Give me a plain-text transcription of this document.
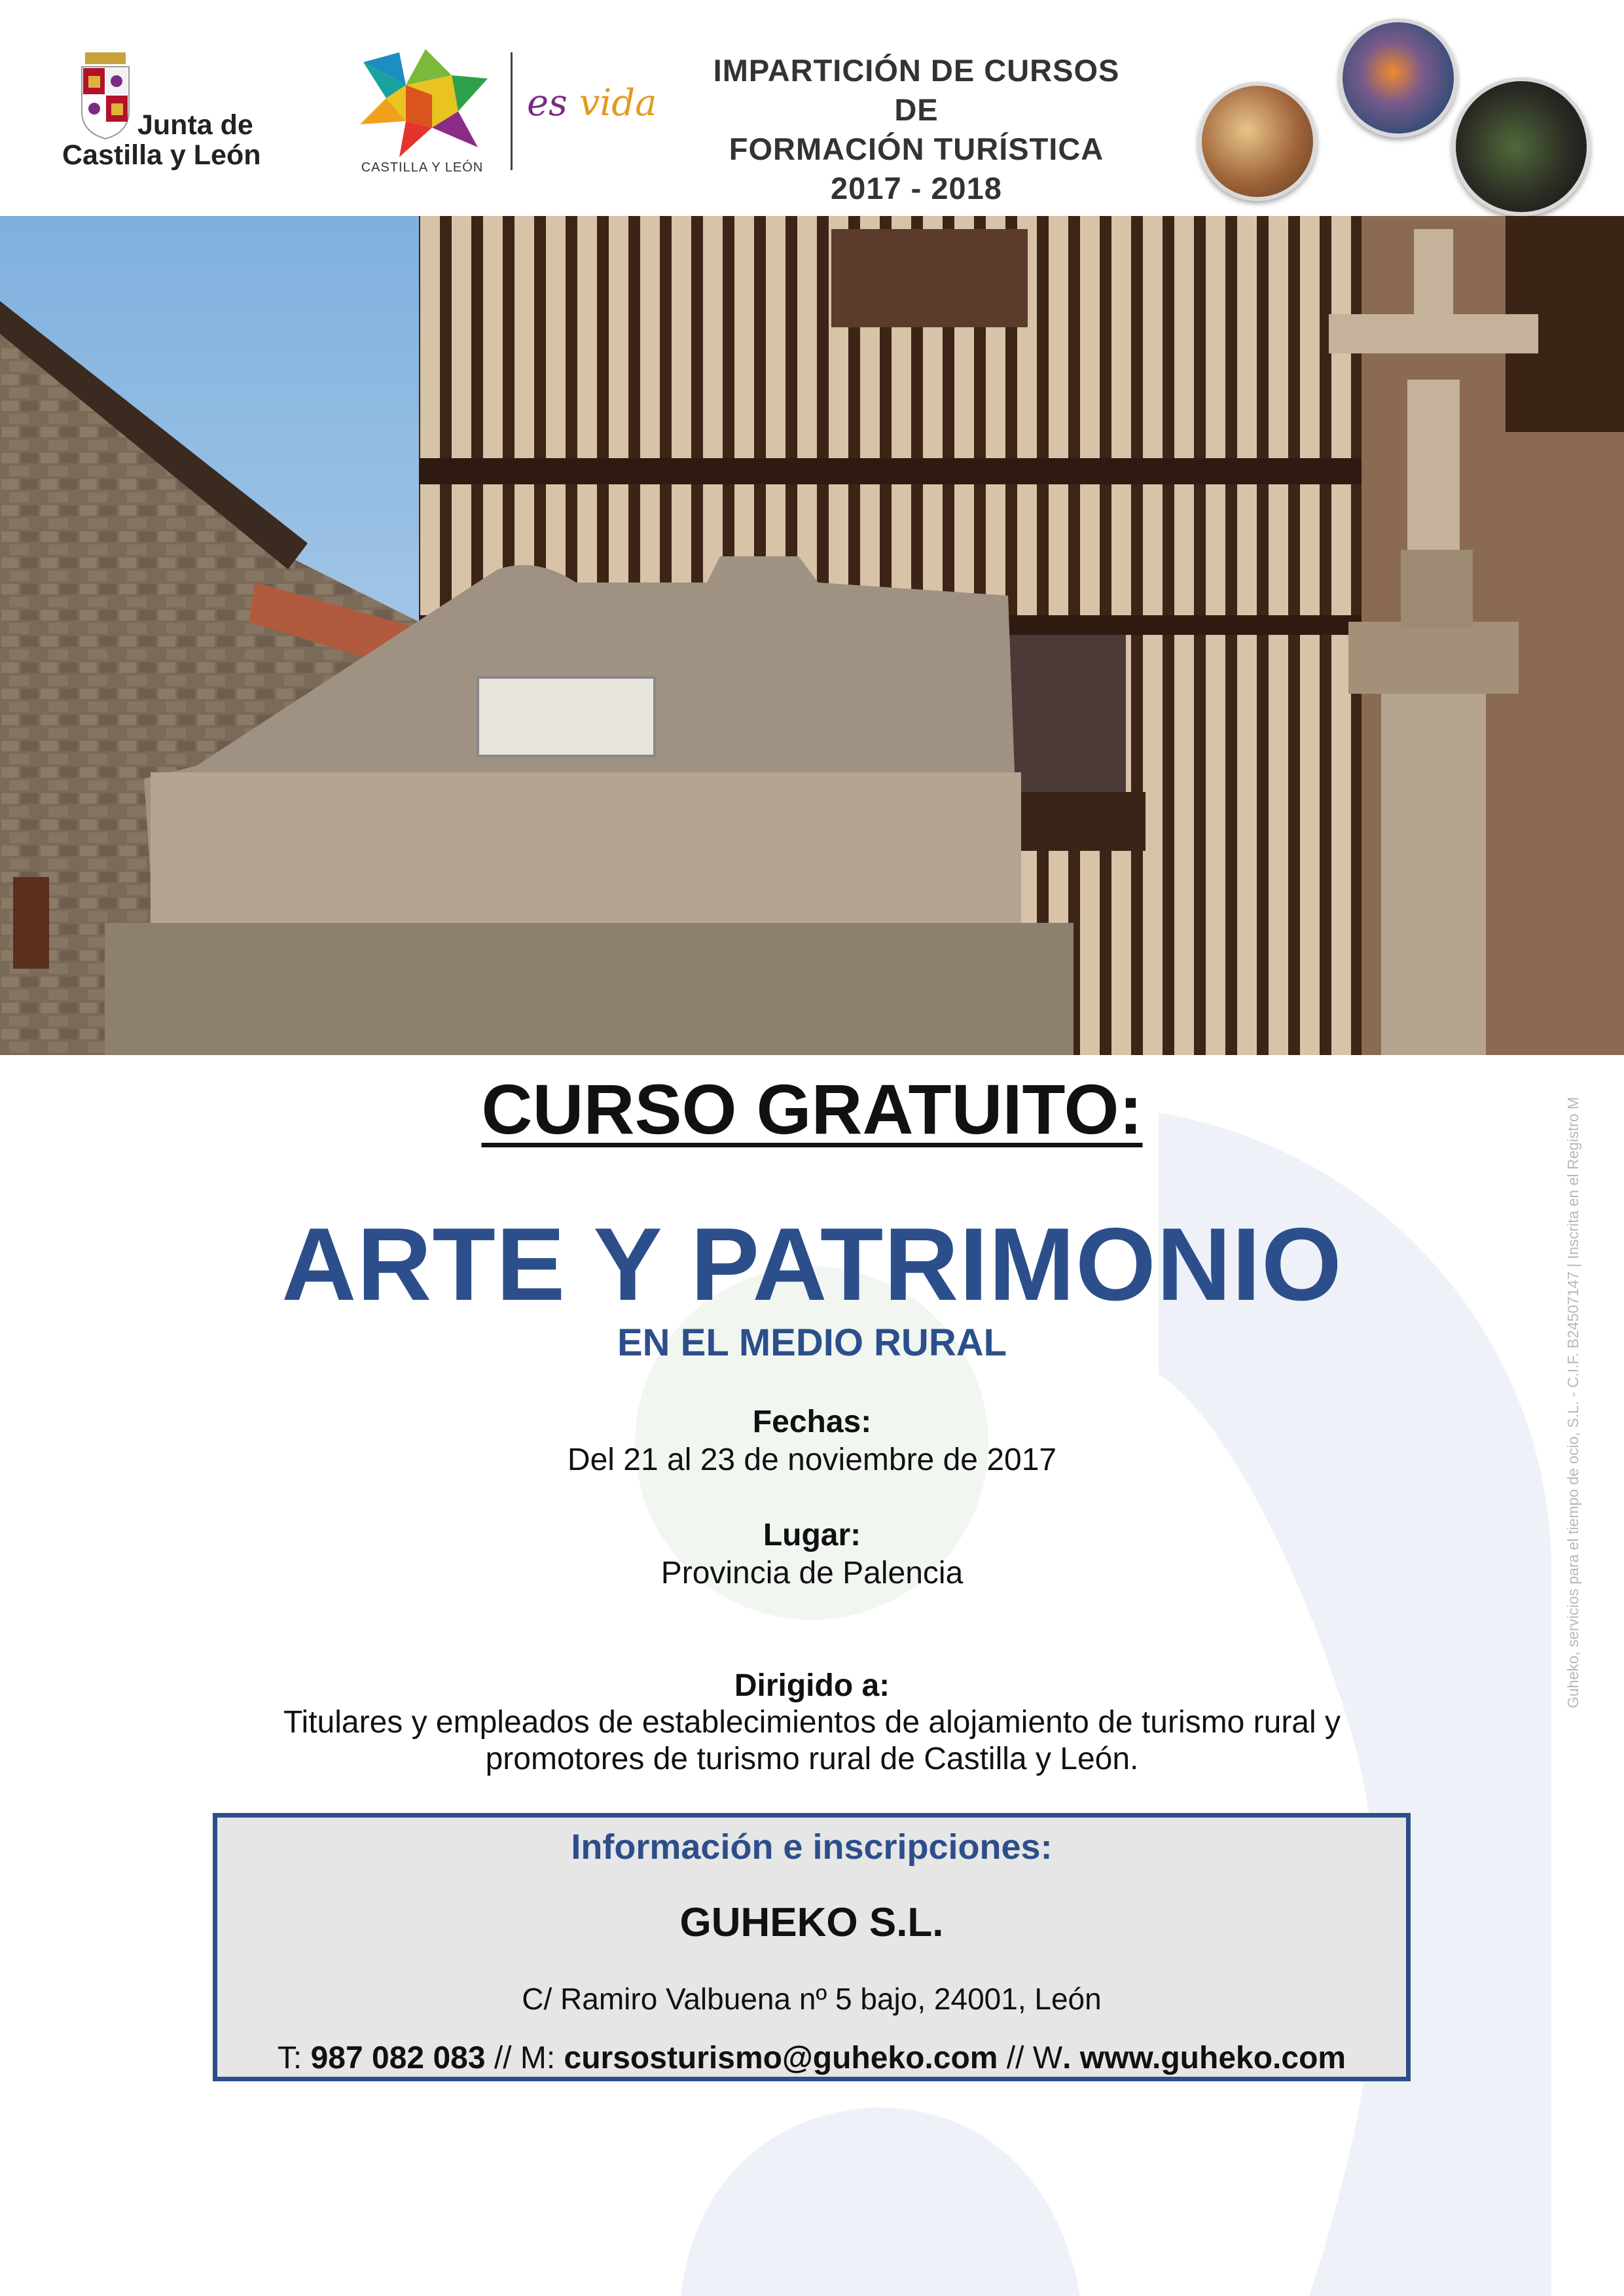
Junta de
Castilla y León	CASTILLA Y LEÓN
es vida
IMPARTICIÓN DE CURSOS DE
FORMACIÓN TURÍSTICA
2017 - 2018
Guheko, servicios para el tiempo de ocio, S.L. - C.I.F. B24507147 | Inscrita en el Registro M
CURSO GRATUITO:
ARTE Y PATRIMONIO
EN EL MEDIO RURAL
Fechas:
Del 21 al 23 de noviembre de 2017
Lugar:
Provincia de Palencia
Dirigido a:
Titulares y empleados de establecimientos de alojamiento de turismo rural y
promotores de turismo rural de Castilla y León.
Información e inscripciones:
GUHEKO S.L.
C/ Ramiro Valbuena nº 5 bajo, 24001, León
T: 987 082 083 // M: cursosturismo@guheko.com // W. www.guheko.com
